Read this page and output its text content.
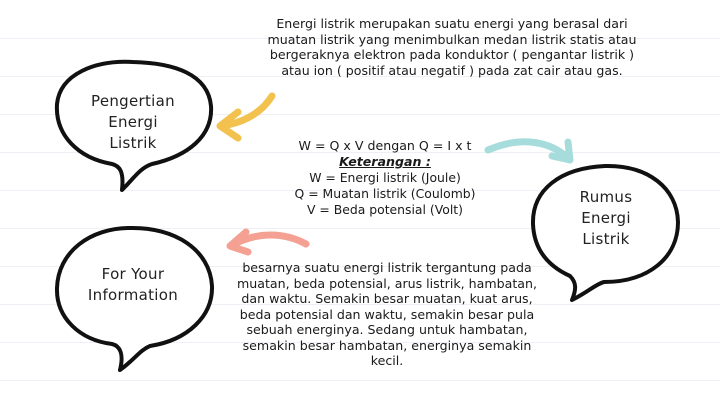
Pengertian
Energi
Listrik
Rumus
Energi
Listrik
For Your
Information
Energi listrik merupakan suatu energi yang berasal dari muatan listrik yang menimbulkan medan listrik statis atau bergeraknya elektron pada konduktor ( pengantar listrik ) atau ion ( positif atau negatif ) pada zat cair atau gas.
W = Q x V dengan Q = I x t
Keterangan :
W = Energi listrik (Joule)
Q = Muatan listrik (Coulomb)
V = Beda potensial (Volt)
besarnya suatu energi listrik tergantung pada muatan, beda potensial, arus listrik, hambatan, dan waktu. Semakin besar muatan, kuat arus, beda potensial dan waktu, semakin besar pula sebuah energinya. Sedang untuk hambatan, semakin besar hambatan, energinya semakin kecil.
